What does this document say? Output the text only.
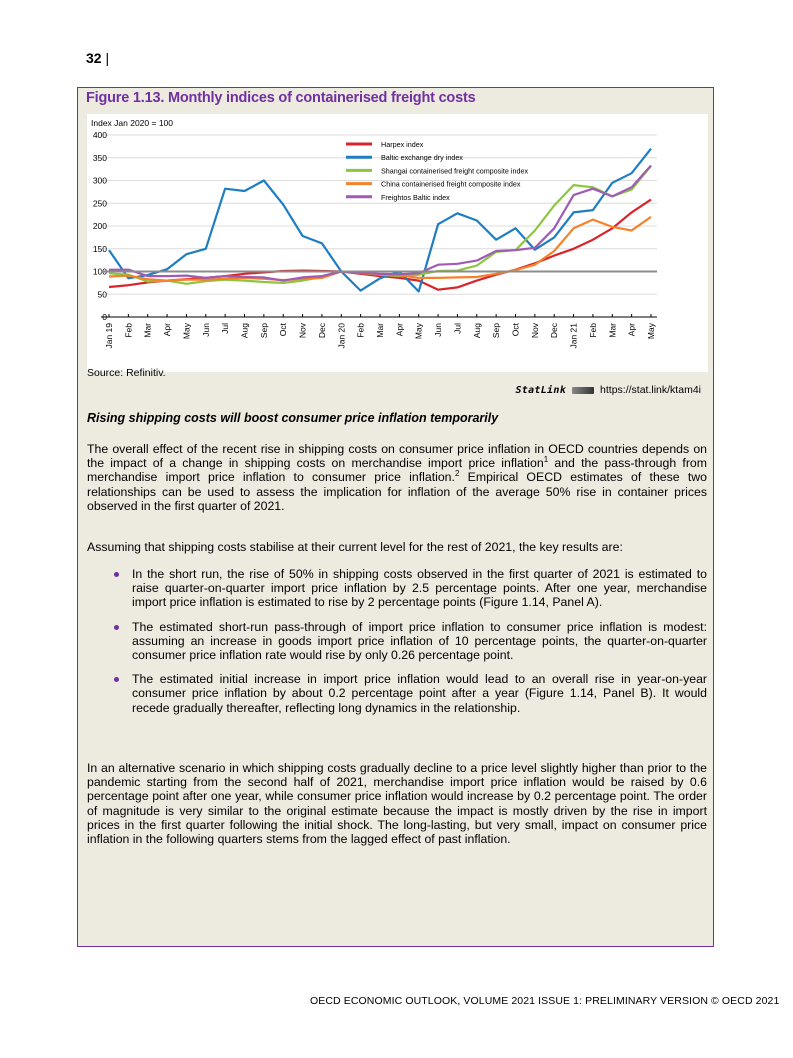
32 |
Figure 1.13. Monthly indices of containerised freight costs
Index Jan 2020 = 100
0
50
100
150
200
250
300
350
400
Jan 19 Feb Mar Apr May Jun Jul Aug Sep Oct Nov Dec Jan 20 Feb Mar Apr May Jun Jul Aug Sep Oct Nov Dec Jan 21 Feb Mar Apr May
Harpex index
Baltic exchange dry index
Shangai containerised freight composite index
China containerised freight composite index
Freightos Baltic index
Source: Refinitiv.
StatLink	https://stat.link/ktam4i
Rising shipping costs will boost consumer price inflation temporarily
The overall effect of the recent rise in shipping costs on consumer price inflation in OECD countries depends on the impact of a change in shipping costs on merchandise import price inflation$^1$ and the pass-through from merchandise import price inflation to consumer price inflation.$^2$ Empirical OECD estimates of these two relationships can be used to assess the implication for inflation of the average 50% rise in container prices observed in the first quarter of 2021.
Assuming that shipping costs stabilise at their current level for the rest of 2021, the key results are:
In the short run, the rise of 50% in shipping costs observed in the first quarter of 2021 is estimated to raise quarter-on-quarter import price inflation by 2.5 percentage points. After one year, merchandise import price inflation is estimated to rise by 2 percentage points (Figure 1.14, Panel A).
The estimated short-run pass-through of import price inflation to consumer price inflation is modest: assuming an increase in goods import price inflation of 10 percentage points, the quarter-on-quarter consumer price inflation rate would rise by only 0.26 percentage point.
The estimated initial increase in import price inflation would lead to an overall rise in year-on-year consumer price inflation by about 0.2 percentage point after a year (Figure 1.14, Panel B). It would recede gradually thereafter, reflecting long dynamics in the relationship.
In an alternative scenario in which shipping costs gradually decline to a price level slightly higher than prior to the pandemic starting from the second half of 2021, merchandise import price inflation would be raised by 0.6 percentage point after one year, while consumer price inflation would increase by 0.2 percentage point. The order of magnitude is very similar to the original estimate because the impact is mostly driven by the rise in import prices in the first quarter following the initial shock. The long-lasting, but very small, impact on consumer price inflation in the following quarters stems from the lagged effect of past inflation.
OECD ECONOMIC OUTLOOK, VOLUME 2021 ISSUE 1: PRELIMINARY VERSION © OECD 2021
